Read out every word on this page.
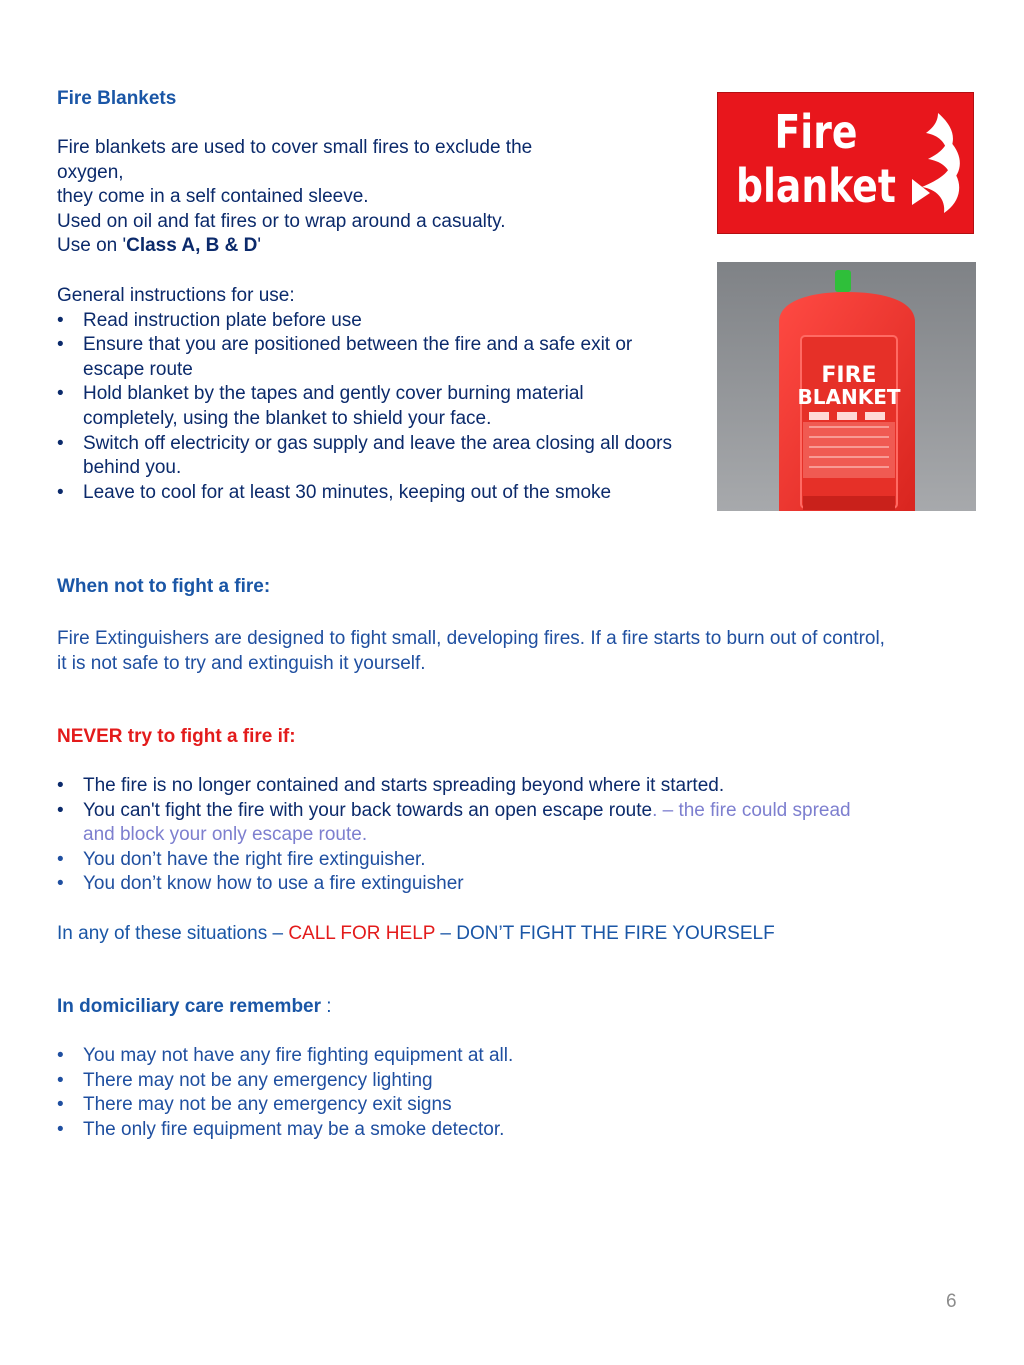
Fire Blankets

Fire blankets are used to cover small fires to exclude the

oxygen,

they come in a self contained sleeve.

Used on oil and fat fires or to wrap around a casualty.

Use on 'Class A, B & D'

General instructions for use:

• Read instruction plate before use
• Ensure that you are positioned between the fire and a safe exit or escape route
• Hold blanket by the tapes and gently cover burning material completely, using the blanket to shield your face.
• Switch off electricity or gas supply and leave the area closing all doors behind you.
• Leave to cool for at least 30 minutes, keeping out of the smoke
Fire
blanket
FIRE
BLANKET
When not to fight a fire:

Fire Extinguishers are designed to fight small, developing fires. If a fire starts to burn out of control, it is not safe to try and extinguish it yourself.

NEVER try to fight a fire if:
• The fire is no longer contained and starts spreading beyond where it started.
• You can't fight the fire with your back towards an open escape route. – the fire could spread and block your only escape route.
• You don’t have the right fire extinguisher.
• You don’t know how to use a fire extinguisher

In any of these situations – CALL FOR HELP – DON’T FIGHT THE FIRE YOURSELF

In domiciliary care remember :
• You may not have any fire fighting equipment at all.
• There may not be any emergency lighting
• There may not be any emergency exit signs
• The only fire equipment may be a smoke detector.
6
